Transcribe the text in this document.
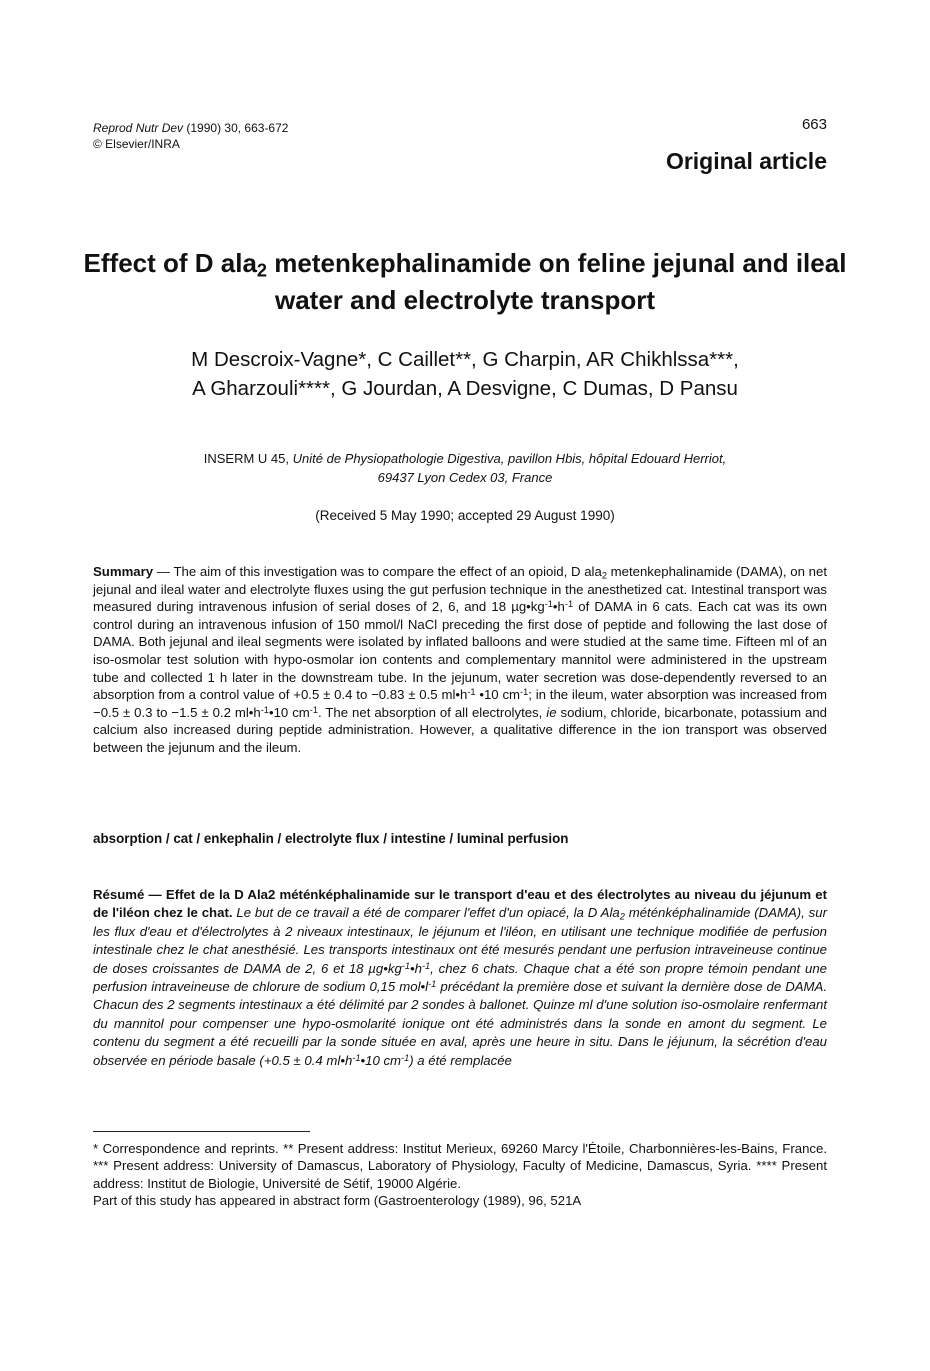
Reprod Nutr Dev (1990) 30, 663-672
© Elsevier/INRA
663
Original article
Effect of D ala$_2$ metenkephalinamide on feline jejunal and ileal water and electrolyte transport
M Descroix-Vagne*, C Caillet**, G Charpin, AR Chikhlssa***,
A Gharzouli****, G Jourdan, A Desvigne, C Dumas, D Pansu
INSERM U 45, Unité de Physiopathologie Digestiva, pavillon Hbis, hôpital Edouard Herriot,
69437 Lyon Cedex 03, France
(Received 5 May 1990; accepted 29 August 1990)
Summary — The aim of this investigation was to compare the effect of an opioid, D ala$_2$ metenkephalinamide (DAMA), on net jejunal and ileal water and electrolyte fluxes using the gut perfusion technique in the anesthetized cat. Intestinal transport was measured during intravenous infusion of serial doses of 2, 6, and 18 $\mu g•kg^{-1}•h^{-1}$ of DAMA in 6 cats. Each cat was its own control during an intravenous infusion of 150 mmol/l NaCl preceding the first dose of peptide and following the last dose of DAMA. Both jejunal and ileal segments were isolated by inflated balloons and were studied at the same time. Fifteen ml of an iso-osmolar test solution with hypo-osmolar ion contents and complementary mannitol were administered in the upstream tube and collected 1 h later in the downstream tube. In the jejunum, water secretion was dose-dependently reversed to an absorption from a control value of +0.5 ± 0.4 to −0.83 ± 0.5 $ml•h^{-1}$ •10 $cm^{-1}$; in the ileum, water absorption was increased from −0.5 ± 0.3 to −1.5 ± 0.2 $ml•h^{-1}•10$ $cm^{-1}$. The net absorption of all electrolytes, ie sodium, chloride, bicarbonate, potassium and calcium also increased during peptide administration. However, a qualitative difference in the ion transport was observed between the jejunum and the ileum.
absorption / cat / enkephalin / electrolyte flux / intestine / luminal perfusion
Résumé — Effet de la D Ala2 méténképhalinamide sur le transport d'eau et des électrolytes au niveau du jéjunum et de l'iléon chez le chat. Le but de ce travail a été de comparer l'effet d'un opiacé, la D Ala$_2$ méténképhalinamide (DAMA), sur les flux d'eau et d'électrolytes à 2 niveaux intestinaux, le jéjunum et l'iléon, en utilisant une technique modifiée de perfusion intestinale chez le chat anesthésié. Les transports intestinaux ont été mesurés pendant une perfusion intraveineuse continue de doses croissantes de DAMA de 2, 6 et 18 $\mu g•kg^{-1}•h^{-1}$, chez 6 chats. Chaque chat a été son propre témoin pendant une perfusion intraveineuse de chlorure de sodium 0,15 $mol•l^{-1}$ précédant la première dose et suivant la dernière dose de DAMA. Chacun des 2 segments intestinaux a été délimité par 2 sondes à ballonet. Quinze ml d'une solution iso-osmolaire renfermant du mannitol pour compenser une hypo-osmolarité ionique ont été administrés dans la sonde en amont du segment. Le contenu du segment a été recueilli par la sonde située en aval, après une heure in situ. Dans le jéjunum, la sécrétion d'eau observée en période basale (+0.5 ± 0.4 $ml•h^{-1}•10$ $cm^{-1}$) a été remplacée

* Correspondence and reprints. ** Present address: Institut Merieux, 69260 Marcy l'Étoile, Charbonnières-les-Bains, France. *** Present address: University of Damascus, Laboratory of Physiology, Faculty of Medicine, Damascus, Syria. **** Present address: Institut de Biologie, Université de Sétif, 19000 Algérie.

Part of this study has appeared in abstract form (Gastroenterology (1989), 96, 521A
